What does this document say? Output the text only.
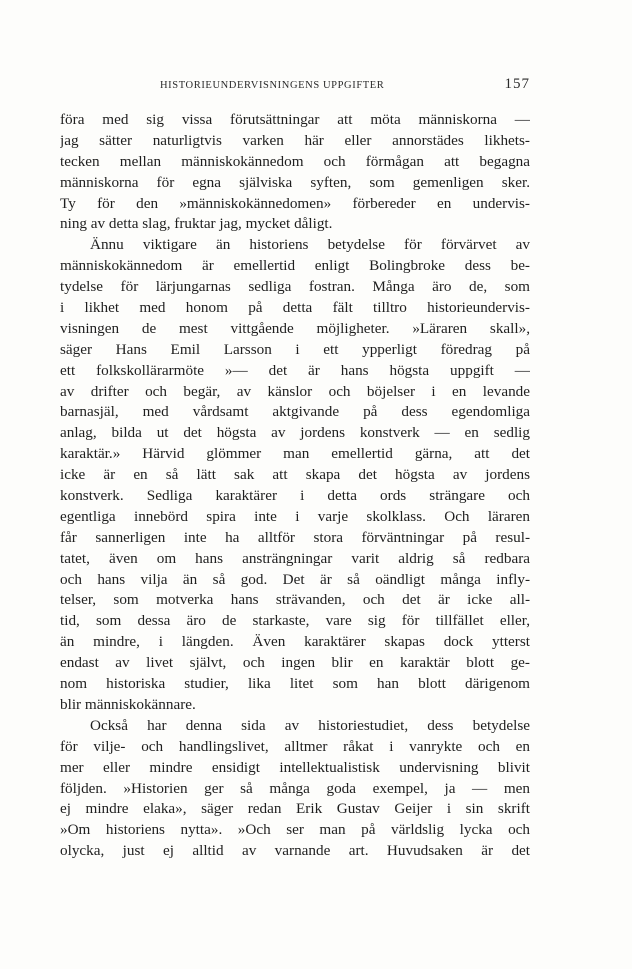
HISTORIEUNDERVISNINGENS UPPGIFTER	157
föra med sig vissa förutsättningar att möta människorna —
jag sätter naturligtvis varken här eller annorstädes likhets-
tecken mellan människokännedom och förmågan att begagna
människorna för egna själviska syften, som gemenligen sker.
Ty för den »människokännedomen» förbereder en undervis-
ning av detta slag, fruktar jag, mycket dåligt.
Ännu viktigare än historiens betydelse för förvärvet av
människokännedom är emellertid enligt Bolingbroke dess be-
tydelse för lärjungarnas sedliga fostran. Många äro de, som
i likhet med honom på detta fält tilltro historieundervis-
visningen de mest vittgående möjligheter. »Läraren skall»,
säger Hans Emil Larsson i ett ypperligt föredrag på
ett folkskollärarmöte »— det är hans högsta uppgift —
av drifter och begär, av känslor och böjelser i en levande
barnasjäl, med vårdsamt aktgivande på dess egendomliga
anlag, bilda ut det högsta av jordens konstverk — en sedlig
karaktär.» Härvid glömmer man emellertid gärna, att det
icke är en så lätt sak att skapa det högsta av jordens
konstverk. Sedliga karaktärer i detta ords strängare och
egentliga innebörd spira inte i varje skolklass. Och läraren
får sannerligen inte ha alltför stora förväntningar på resul-
tatet, även om hans ansträngningar varit aldrig så redbara
och hans vilja än så god. Det är så oändligt många infly-
telser, som motverka hans strävanden, och det är icke all-
tid, som dessa äro de starkaste, vare sig för tillfället eller,
än mindre, i längden. Även karaktärer skapas dock ytterst
endast av livet självt, och ingen blir en karaktär blott ge-
nom historiska studier, lika litet som han blott därigenom
blir människokännare.
Också har denna sida av historiestudiet, dess betydelse
för vilje- och handlingslivet, alltmer råkat i vanrykte och en
mer eller mindre ensidigt intellektualistisk undervisning blivit
följden. »Historien ger så många goda exempel, ja — men
ej mindre elaka», säger redan Erik Gustav Geijer i sin skrift
»Om historiens nytta». »Och ser man på världslig lycka och
olycka, just ej alltid av varnande art. Huvudsaken är det
